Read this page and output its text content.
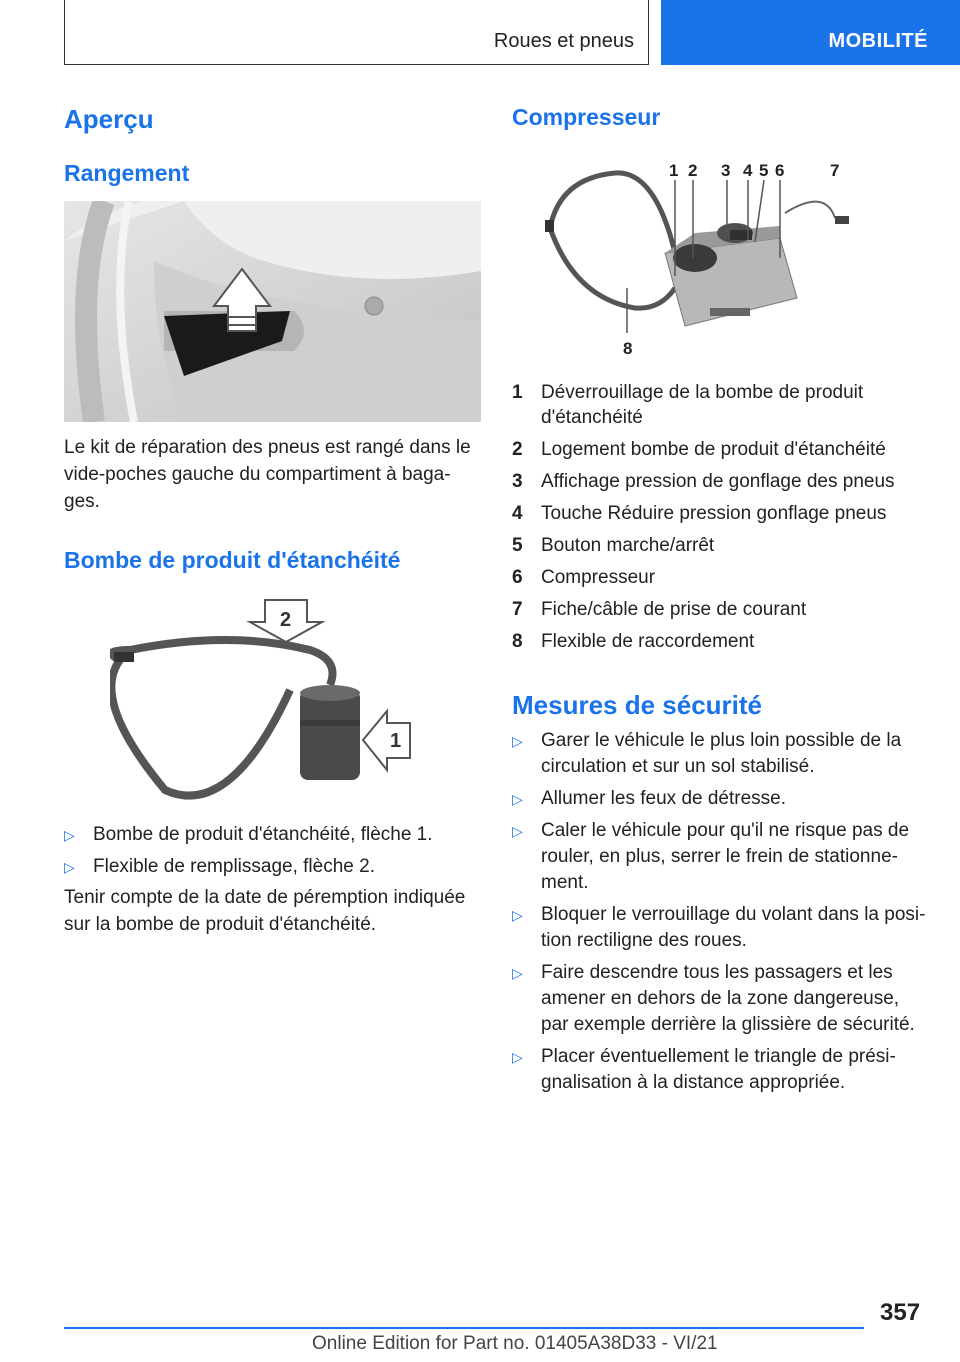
Roues et pneus	MOBILITÉ
Aperçu
Rangement
Le kit de réparation des pneus est rangé dans le vide-poches gauche du compartiment à baga-ges.
Bombe de produit d'étanchéité
2
1
▷ Bombe de produit d'étanchéité, flèche 1.
▷ Flexible de remplissage, flèche 2.
Tenir compte de la date de péremption indiquée sur la bombe de produit d'étanchéité.
Compresseur
1 2 3 4 5 6	7
8
1 Déverrouillage de la bombe de produit d'étanchéité
2 Logement bombe de produit d'étanchéité
3 Affichage pression de gonflage des pneus
4 Touche Réduire pression gonflage pneus
5 Bouton marche/arrêt
6 Compresseur
7 Fiche/câble de prise de courant
8 Flexible de raccordement
Mesures de sécurité
▷ Garer le véhicule le plus loin possible de la circulation et sur un sol stabilisé.
▷ Allumer les feux de détresse.
▷ Caler le véhicule pour qu'il ne risque pas de rouler, en plus, serrer le frein de stationne-ment.
▷ Bloquer le verrouillage du volant dans la posi-tion rectiligne des roues.
▷ Faire descendre tous les passagers et les amener en dehors de la zone dangereuse, par exemple derrière la glissière de sécurité.
▷ Placer éventuellement le triangle de prési-gnalisation à la distance appropriée.
357
Online Edition for Part no. 01405A38D33 - VI/21
